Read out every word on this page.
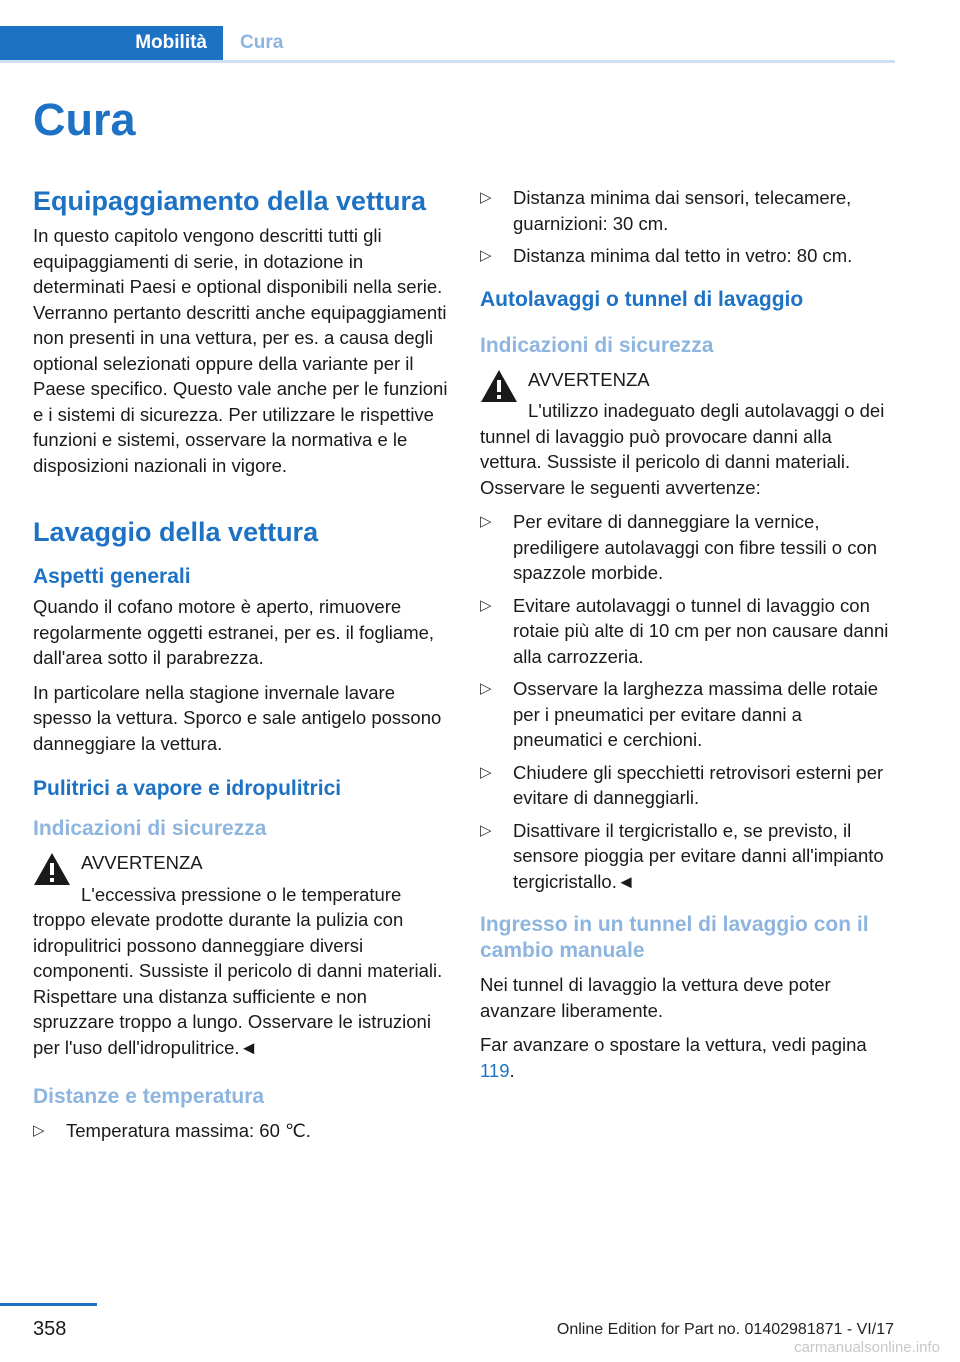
Mobilità Cura
Cura
Equipaggiamento della vettura

In questo capitolo vengono descritti tutti gli equipaggiamenti di serie, in dotazione in determinati Paesi e optional disponibili nella serie. Verranno pertanto descritti anche equipaggiamenti non presenti in una vettura, per es. a causa degli optional selezionati oppure della variante per il Paese specifico. Questo vale anche per le funzioni e i sistemi di sicurezza. Per utilizzare le rispettive funzioni e sistemi, osservare la normativa e le disposizioni nazionali in vigore.

Lavaggio della vettura
Aspetti generali

Quando il cofano motore è aperto, rimuovere regolarmente oggetti estranei, per es. il fogliame, dall'area sotto il parabrezza.

In particolare nella stagione invernale lavare spesso la vettura. Sporco e sale antigelo possono danneggiare la vettura.

Pulitrici a vapore e idropulitrici
Indicazioni di sicurezza
AVVERTENZA

L'eccessiva pressione o le temperature troppo elevate prodotte durante la pulizia con idropulitrici possono danneggiare diversi componenti. Sussiste il pericolo di danni materiali. Rispettare una distanza sufficiente e non spruzzare troppo a lungo. Osservare le istruzioni per l'uso dell'idropulitrice.◄

Distanze e temperatura
▷ Temperatura massima: 60 ℃.
▷ Distanza minima dai sensori, telecamere, guarnizioni: 30 cm.
▷ Distanza minima dal tetto in vetro: 80 cm.
Autolavaggi o tunnel di lavaggio
Indicazioni di sicurezza
AVVERTENZA

L'utilizzo inadeguato degli autolavaggi o dei tunnel di lavaggio può provocare danni alla vettura. Sussiste il pericolo di danni materiali. Osservare le seguenti avvertenze:

▷ Per evitare di danneggiare la vernice, prediligere autolavaggi con fibre tessili o con spazzole morbide.
▷ Evitare autolavaggi o tunnel di lavaggio con rotaie più alte di 10 cm per non causare danni alla carrozzeria.
▷ Osservare la larghezza massima delle rotaie per i pneumatici per evitare danni a pneumatici e cerchioni.
▷ Chiudere gli specchietti retrovisori esterni per evitare di danneggiarli.
▷ Disattivare il tergicristallo e, se previsto, il sensore pioggia per evitare danni all'impianto tergicristallo.◄
Ingresso in un tunnel di lavaggio con il cambio manuale

Nei tunnel di lavaggio la vettura deve poter avanzare liberamente.

Far avanzare o spostare la vettura, vedi pagina 119.

358	Online Edition for Part no. 01402981871 - VI/17
carmanualsonline.info
